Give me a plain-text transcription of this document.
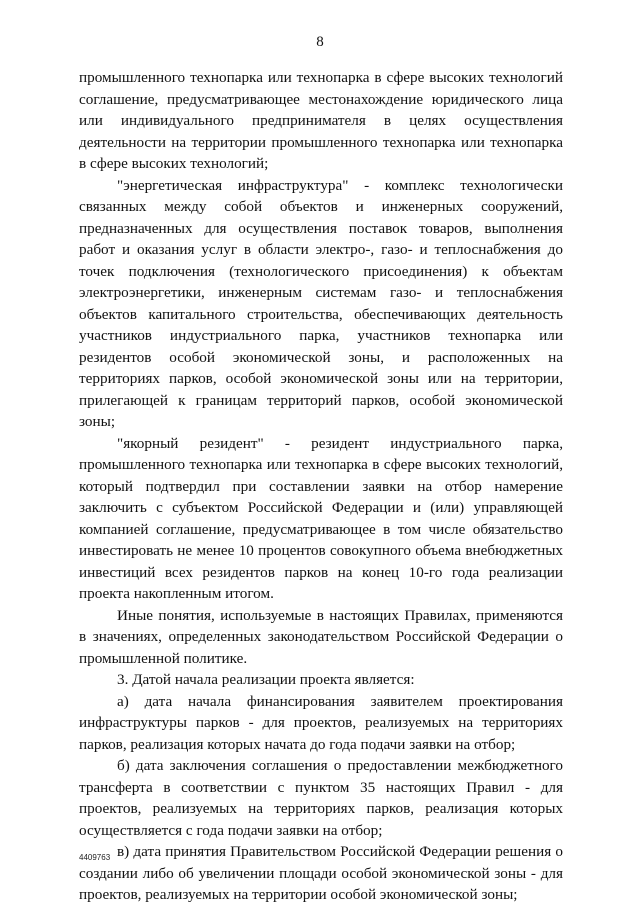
8

промышленного технопарка или технопарка в сфере высоких технологий соглашение, предусматривающее местонахождение юридического лица или индивидуального предпринимателя в целях осуществления деятельности на территории промышленного технопарка или технопарка в сфере высоких технологий;

"энергетическая инфраструктура" - комплекс технологически связанных между собой объектов и инженерных сооружений, предназначенных для осуществления поставок товаров, выполнения работ и оказания услуг в области электро-, газо- и теплоснабжения до точек подключения (технологического присоединения) к объектам электроэнергетики, инженерным системам газо- и теплоснабжения объектов капитального строительства, обеспечивающих деятельность участников индустриального парка, участников технопарка или резидентов особой экономической зоны, и расположенных на территориях парков, особой экономической зоны или на территории, прилегающей к границам территорий парков, особой экономической зоны;

"якорный резидент" - резидент индустриального парка, промышленного технопарка или технопарка в сфере высоких технологий, который подтвердил при составлении заявки на отбор намерение заключить с субъектом Российской Федерации и (или) управляющей компанией соглашение, предусматривающее в том числе обязательство инвестировать не менее 10 процентов совокупного объема внебюджетных инвестиций всех резидентов парков на конец 10-го года реализации проекта накопленным итогом.

Иные понятия, используемые в настоящих Правилах, применяются в значениях, определенных законодательством Российской Федерации о промышленной политике.

3. Датой начала реализации проекта является:

а) дата начала финансирования заявителем проектирования инфраструктуры парков - для проектов, реализуемых на территориях парков, реализация которых начата до года подачи заявки на отбор;

б) дата заключения соглашения о предоставлении межбюджетного трансферта в соответствии с пунктом 35 настоящих Правил - для проектов, реализуемых на территориях парков, реализация которых осуществляется с года подачи заявки на отбор;

в) дата принятия Правительством Российской Федерации решения о создании либо об увеличении площади особой экономической зоны - для проектов, реализуемых на территории особой экономической зоны;

4409763
